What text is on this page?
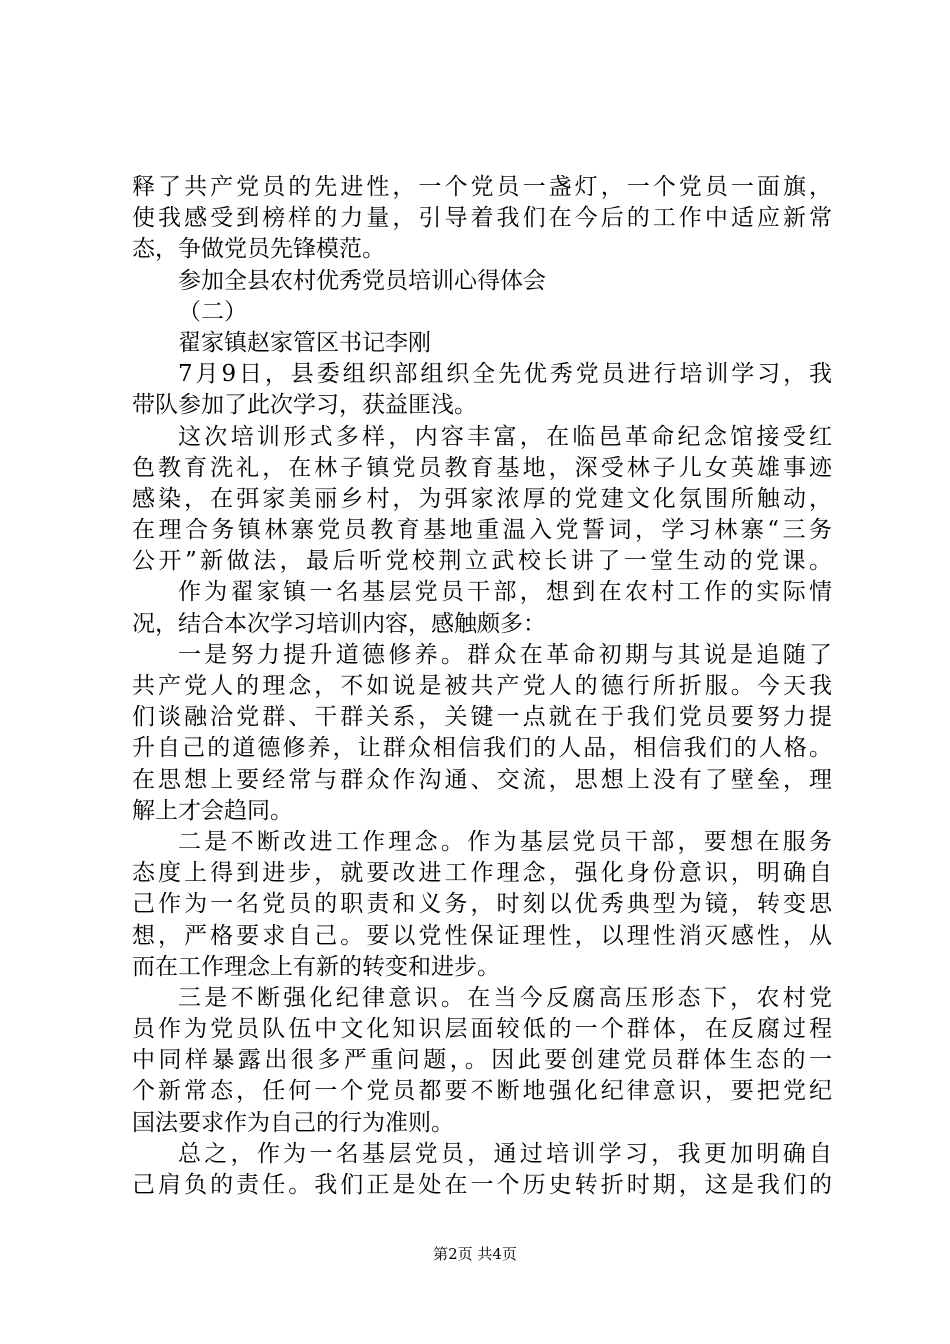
释了共产党员的先进性，一个党员一盏灯，一个党员一面旗，
使我感受到榜样的力量，引导着我们在今后的工作中适应新常
态，争做党员先锋模范。
参加全县农村优秀党员培训心得体会
（二）
翟家镇赵家管区书记李刚
7月9日，县委组织部组织全先优秀党员进行培训学习，我
带队参加了此次学习，获益匪浅。
这次培训形式多样，内容丰富，在临邑革命纪念馆接受红
色教育洗礼，在林子镇党员教育基地，深受林子儿女英雄事迹
感染，在弭家美丽乡村，为弭家浓厚的党建文化氛围所触动，
在理合务镇林寨党员教育基地重温入党誓词，学习林寨“三务
公开”新做法，最后听党校荆立武校长讲了一堂生动的党课。
作为翟家镇一名基层党员干部，想到在农村工作的实际情
况，结合本次学习培训内容，感触颇多：
一是努力提升道德修养。群众在革命初期与其说是追随了
共产党人的理念，不如说是被共产党人的德行所折服。今天我
们谈融洽党群、干群关系，关键一点就在于我们党员要努力提
升自己的道德修养，让群众相信我们的人品，相信我们的人格。
在思想上要经常与群众作沟通、交流，思想上没有了壁垒，理
解上才会趋同。
二是不断改进工作理念。作为基层党员干部，要想在服务
态度上得到进步，就要改进工作理念，强化身份意识，明确自
己作为一名党员的职责和义务，时刻以优秀典型为镜，转变思
想，严格要求自己。要以党性保证理性，以理性消灭感性，从
而在工作理念上有新的转变和进步。
三是不断强化纪律意识。在当今反腐高压形态下，农村党
员作为党员队伍中文化知识层面较低的一个群体，在反腐过程
中同样暴露出很多严重问题，。因此要创建党员群体生态的一
个新常态，任何一个党员都要不断地强化纪律意识，要把党纪
国法要求作为自己的行为准则。
总之，作为一名基层党员，通过培训学习，我更加明确自
己肩负的责任。我们正是处在一个历史转折时期，这是我们的
第2页 共4页
